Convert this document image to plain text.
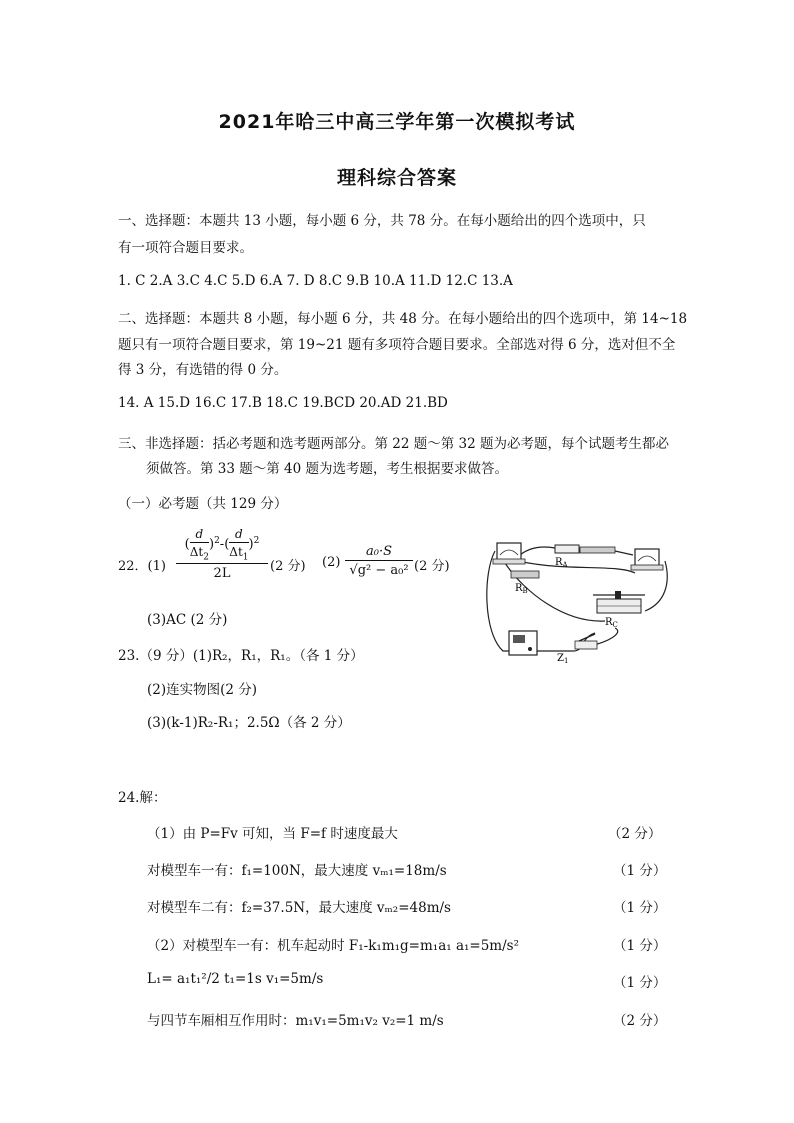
2021年哈三中高三学年第一次模拟考试
理科综合答案
一、选择题：本题共 13 小题，每小题 6 分，共 78 分。在每小题给出的四个选项中，只
有一项符合题目要求。
1. C 2.A 3.C 4.C 5.D 6.A 7. D 8.C 9.B 10.A 11.D 12.C 13.A
二、选择题：本题共 8 小题，每小题 6 分，共 48 分。在每小题给出的四个选项中，第 14~18
题只有一项符合题目要求，第 19~21 题有多项符合题目要求。全部选对得 6 分，选对但不全
得 3 分，有选错的得 0 分。
14. A 15.D 16.C 17.B 18.C 19.BCD 20.AD 21.BD
三、非选择题：括必考题和选考题两部分。第 22 题～第 32 题为必考题，每个试题考生都必
须做答。第 33 题～第 40 题为选考题，考生根据要求做答。
（一）必考题（共 129 分）
22．$(1) \frac{( \frac{d}{\Delta t_2} )^2-( \frac{d}{\Delta t_1} )^2}{2L} (2$ 分) $(2) \frac{\text{a₀·S}}{\text{√g² − a₀²}} (2$ 分)
(3)AC (2 分)
23.（9 分）(1)R₂，R₁，R₁。（各 1 分）
(2)连实物图(2 分)
(3)(k-1)R₂-R₁；2.5Ω（各 2 分）
$R_A$
$R_B$
$R_C$
$Z_1$
24.解：
（1）由 P=Fv 可知，当 F=f 时速度最大	（2 分）
对模型车一有：f₁=100N，最大速度 vₘ₁=18m/s	（1 分）
对模型车二有：f₂=37.5N，最大速度 vₘ₂=48m/s	（1 分）
（2）对模型车一有：机车起动时 F₁-k₁m₁g=m₁a₁ a₁=5m/s²	（1 分）
L₁= a₁t₁²/2 t₁=1s v₁=5m/s	（1 分）
与四节车厢相互作用时：m₁v₁=5m₁v₂ v₂=1 m/s	（2 分）
